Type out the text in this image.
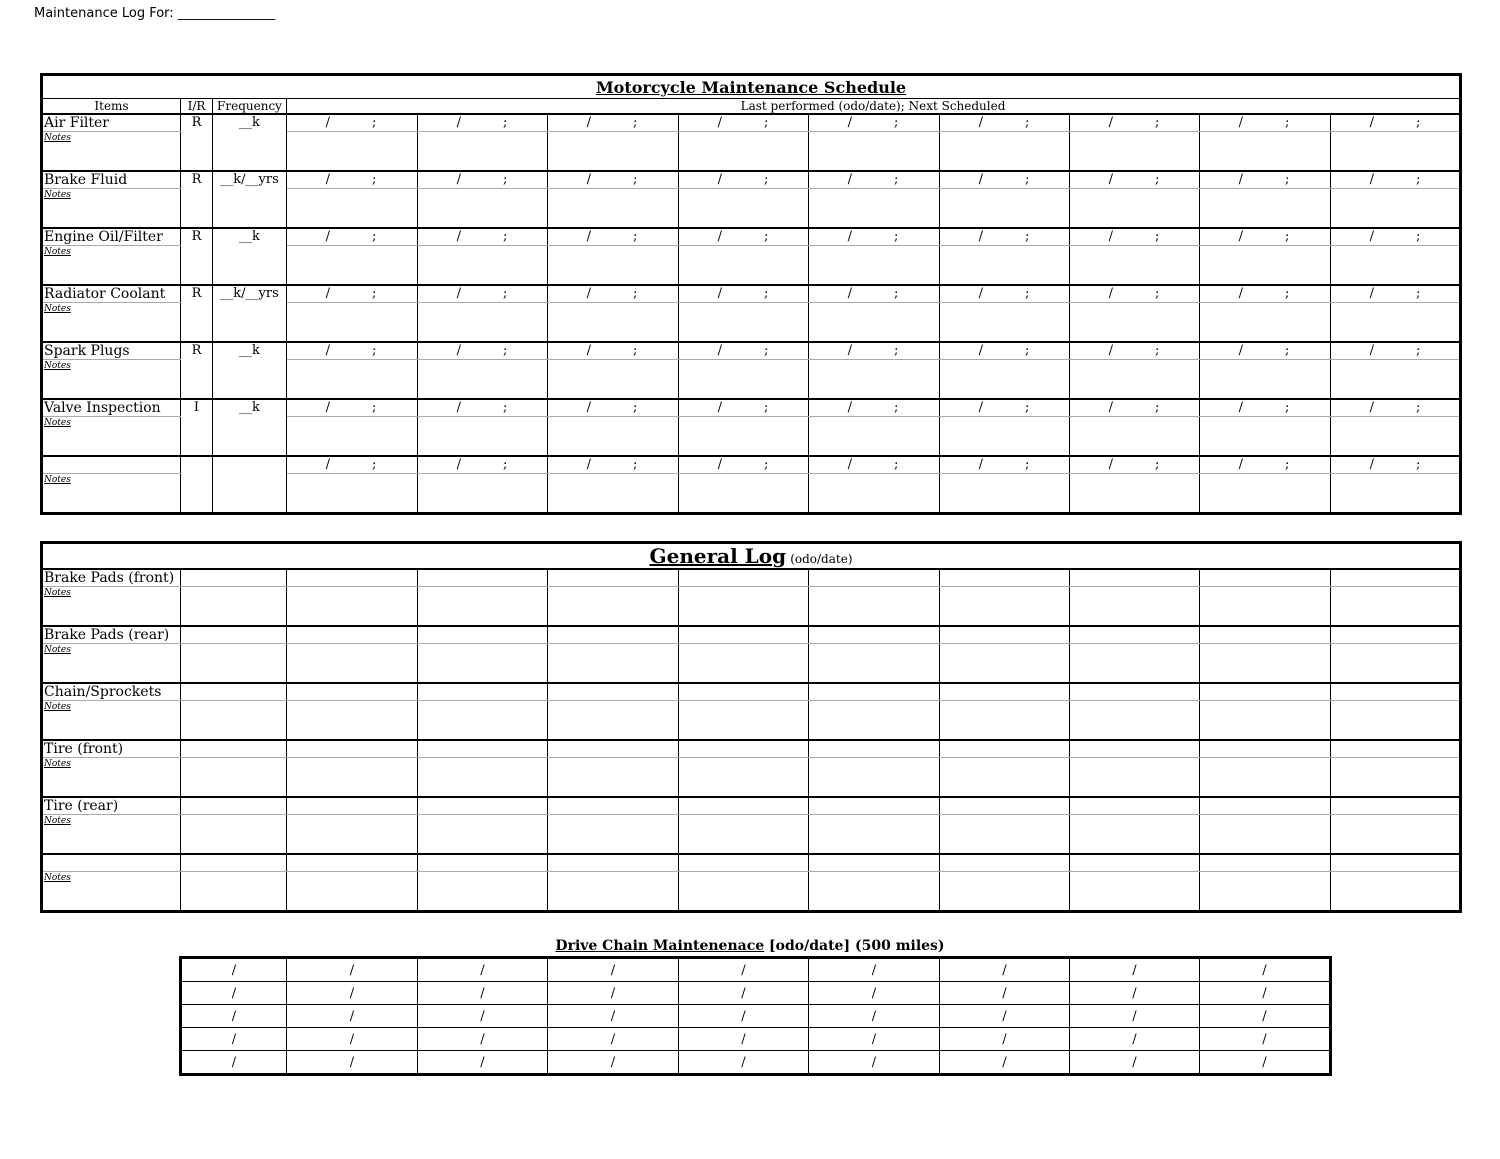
Maintenance Log For: _______________
Motorcycle Maintenance Schedule											
Items	I/R	Frequency	Last performed (odo/date); Next Scheduled								
Air Filter	R	__k	/ ;	/ ;	/ ;	/ ;	/ ;	/ ;	/ ;	/ ;	/ ;
Notes											
Brake Fluid	R	__k/__yrs	/ ;	/ ;	/ ;	/ ;	/ ;	/ ;	/ ;	/ ;	/ ;
Notes											
Engine Oil/Filter	R	__k	/ ;	/ ;	/ ;	/ ;	/ ;	/ ;	/ ;	/ ;	/ ;
Notes											
Radiator Coolant	R	__k/__yrs	/ ;	/ ;	/ ;	/ ;	/ ;	/ ;	/ ;	/ ;	/ ;
Notes											
Spark Plugs	R	__k	/ ;	/ ;	/ ;	/ ;	/ ;	/ ;	/ ;	/ ;	/ ;
Notes											
Valve Inspection	I	__k	/ ;	/ ;	/ ;	/ ;	/ ;	/ ;	/ ;	/ ;	/ ;
Notes											
			/ ;	/ ;	/ ;	/ ;	/ ;	/ ;	/ ;	/ ;	/ ;
Notes											
General Log (odo/date)										
Brake Pads (front)										
Notes										
Brake Pads (rear)										
Notes										
Chain/Sprockets										
Notes										
Tire (front)										
Notes										
Tire (rear)										
Notes										

Notes										
Drive Chain Maintenenace [odo/date] (500 miles)
/	/	/	/	/	/	/	/	/
/	/	/	/	/	/	/	/	/
/	/	/	/	/	/	/	/	/
/	/	/	/	/	/	/	/	/
/	/	/	/	/	/	/	/	/
